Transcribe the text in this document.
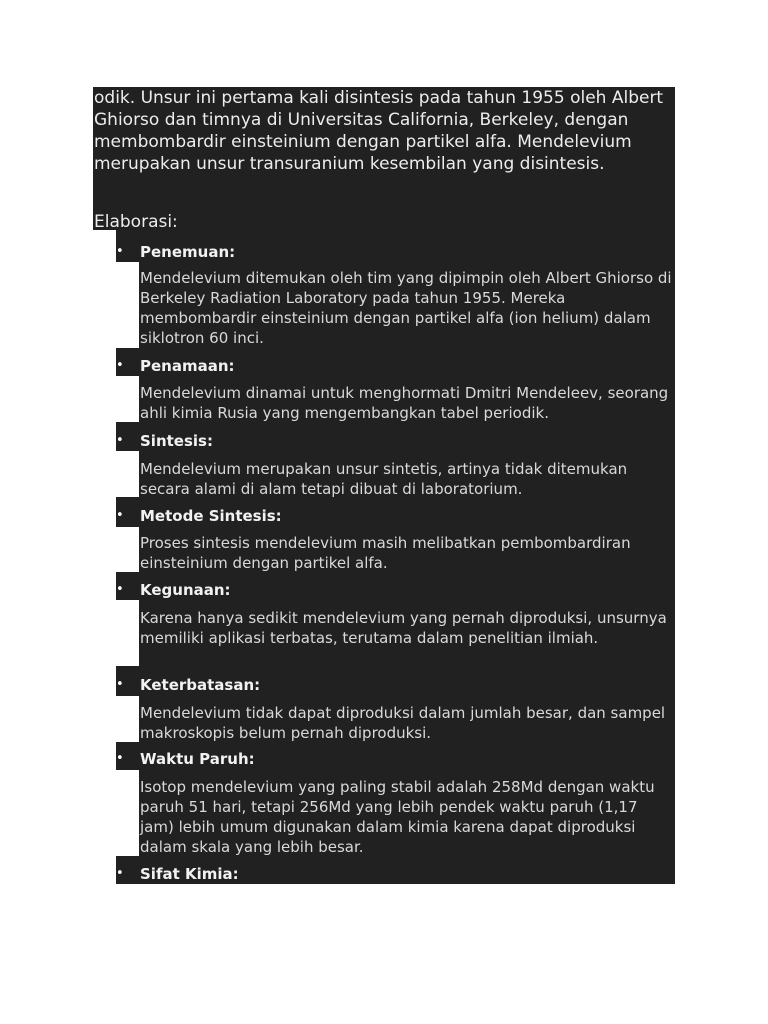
odik. Unsur ini pertama kali disintesis pada tahun 1955 oleh Albert Ghiorso dan timnya di Universitas California, Berkeley, dengan membombardir einsteinium dengan partikel alfa. Mendelevium merupakan unsur transuranium kesembilan yang disintesis.

Elaborasi:

• Penemuan:

Mendelevium ditemukan oleh tim yang dipimpin oleh Albert Ghiorso di Berkeley Radiation Laboratory pada tahun 1955. Mereka membombardir einsteinium dengan partikel alfa (ion helium) dalam siklotron 60 inci.

• Penamaan:

Mendelevium dinamai untuk menghormati Dmitri Mendeleev, seorang ahli kimia Rusia yang mengembangkan tabel periodik.

• Sintesis:

Mendelevium merupakan unsur sintetis, artinya tidak ditemukan secara alami di alam tetapi dibuat di laboratorium.

• Metode Sintesis:

Proses sintesis mendelevium masih melibatkan pembombardiran einsteinium dengan partikel alfa.

• Kegunaan:

Karena hanya sedikit mendelevium yang pernah diproduksi, unsurnya memiliki aplikasi terbatas, terutama dalam penelitian ilmiah.

• Keterbatasan:

Mendelevium tidak dapat diproduksi dalam jumlah besar, dan sampel makroskopis belum pernah diproduksi.

• Waktu Paruh:

Isotop mendelevium yang paling stabil adalah 258Md dengan waktu paruh 51 hari, tetapi 256Md yang lebih pendek waktu paruh (1,17 jam) lebih umum digunakan dalam kimia karena dapat diproduksi dalam skala yang lebih besar.

• Sifat Kimia:
